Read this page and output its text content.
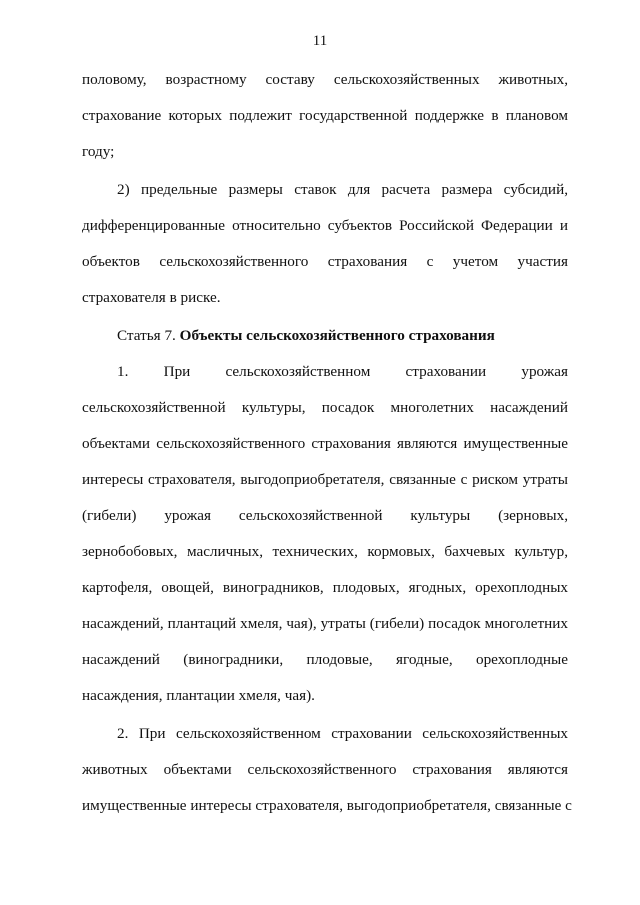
11
половому, возрастному составу сельскохозяйственных животных,
страхование которых подлежит государственной поддержке в плановом
году;
2) предельные размеры ставок для расчета размера субсидий,
дифференцированные относительно субъектов Российской Федерации и
объектов сельскохозяйственного страхования с учетом участия
страхователя в риске.
Статья 7. Объекты сельскохозяйственного страхования
1. При сельскохозяйственном страховании урожая
сельскохозяйственной культуры, посадок многолетних насаждений
объектами сельскохозяйственного страхования являются имущественные
интересы страхователя, выгодоприобретателя, связанные с риском утраты
(гибели) урожая сельскохозяйственной культуры (зерновых,
зернобобовых, масличных, технических, кормовых, бахчевых культур,
картофеля, овощей, виноградников, плодовых, ягодных, орехоплодных
насаждений, плантаций хмеля, чая), утраты (гибели) посадок многолетних
насаждений (виноградники, плодовые, ягодные, орехоплодные
насаждения, плантации хмеля, чая).
2. При сельскохозяйственном страховании сельскохозяйственных
животных объектами сельскохозяйственного страхования являются
имущественные интересы страхователя, выгодоприобретателя, связанные с
